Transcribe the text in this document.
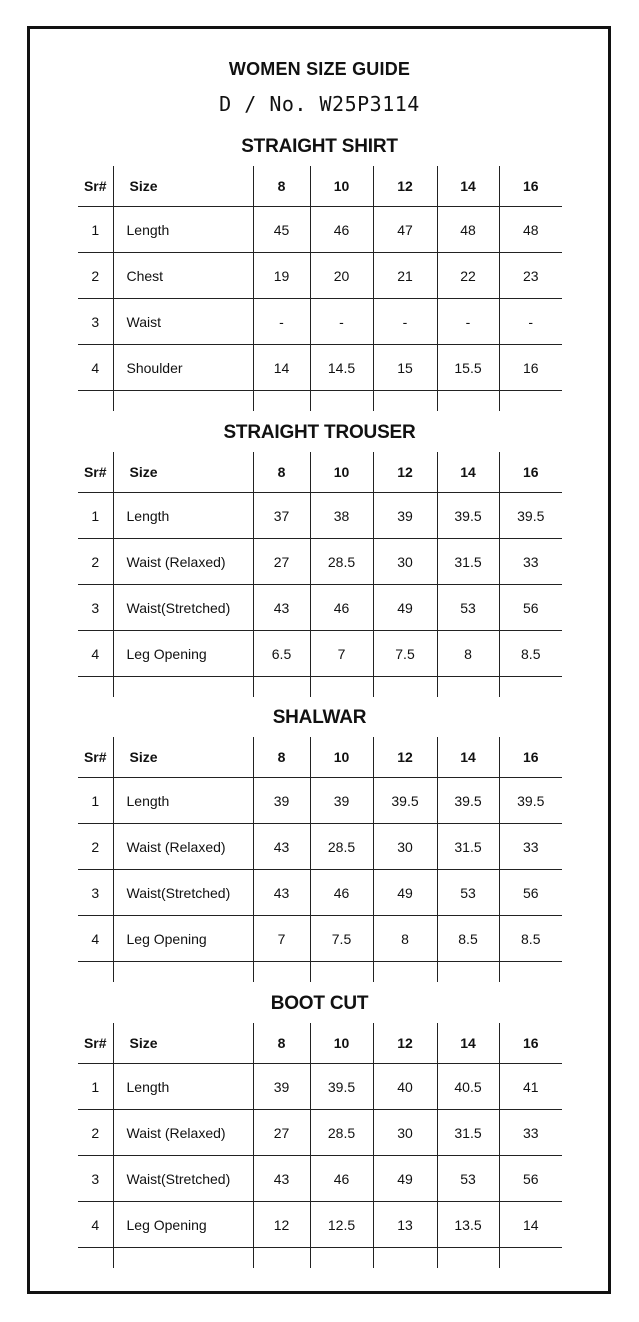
WOMEN SIZE GUIDE
D / No. W25P3114
STRAIGHT SHIRT
Sr#	Size	8	10	12	14	16
1	Length	45	46	47	48	48
2	Chest	19	20	21	22	23
3	Waist	-	-	-	-	-
4	Shoulder	14	14.5	15	15.5	16

STRAIGHT TROUSER
Sr#	Size	8	10	12	14	16
1	Length	37	38	39	39.5	39.5
2	Waist (Relaxed)	27	28.5	30	31.5	33
3	Waist(Stretched)	43	46	49	53	56
4	Leg Opening	6.5	7	7.5	8	8.5

SHALWAR
Sr#	Size	8	10	12	14	16
1	Length	39	39	39.5	39.5	39.5
2	Waist (Relaxed)	43	28.5	30	31.5	33
3	Waist(Stretched)	43	46	49	53	56
4	Leg Opening	7	7.5	8	8.5	8.5

BOOT CUT
Sr#	Size	8	10	12	14	16
1	Length	39	39.5	40	40.5	41
2	Waist (Relaxed)	27	28.5	30	31.5	33
3	Waist(Stretched)	43	46	49	53	56
4	Leg Opening	12	12.5	13	13.5	14
